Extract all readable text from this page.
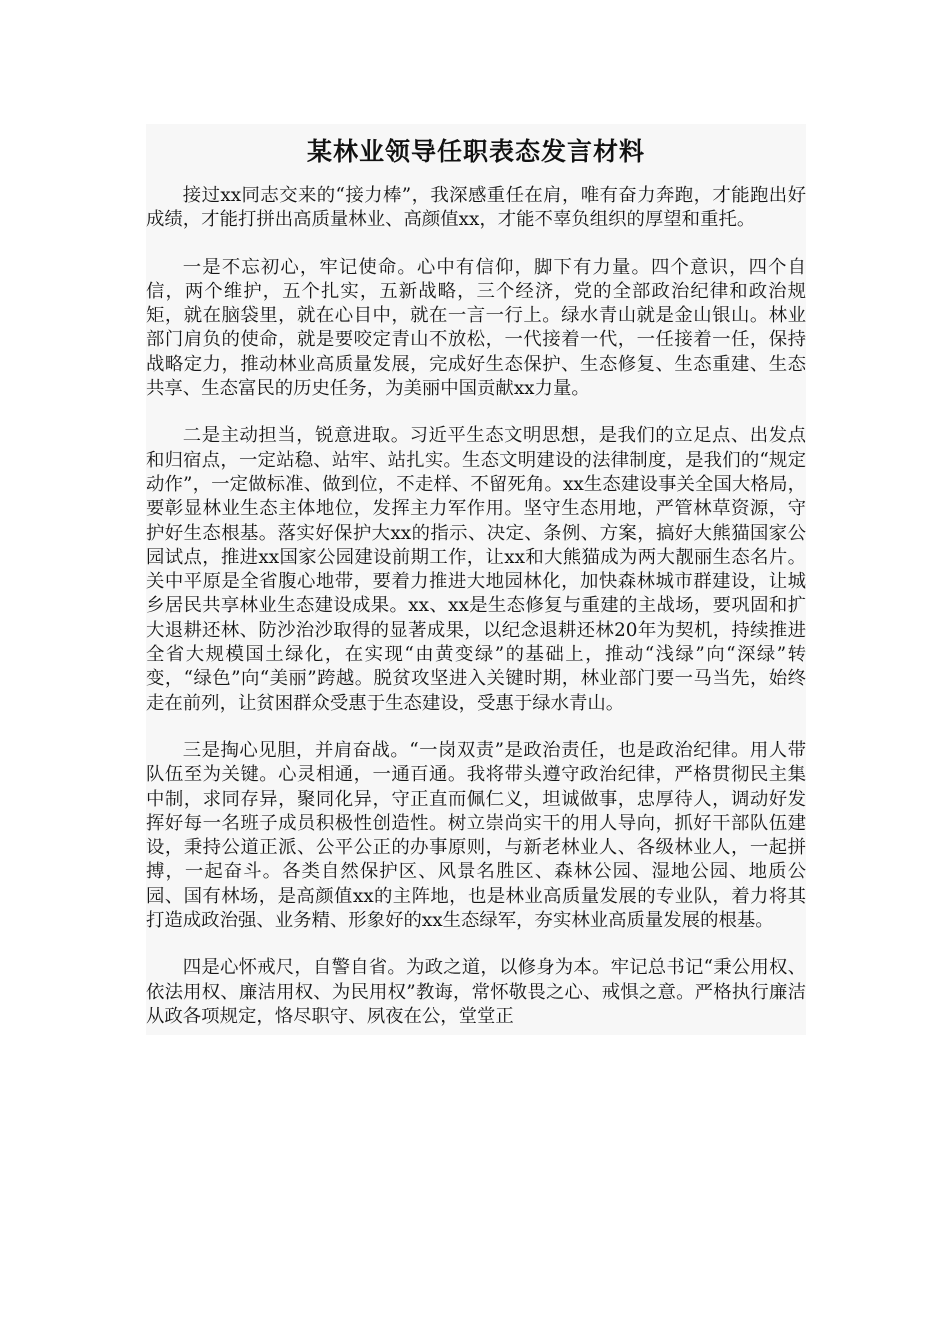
某林业领导任职表态发言材料

接过xx同志交来的“接力棒”，我深感重任在肩，唯有奋力奔跑，才能跑出好成绩，才能打拼出高质量林业、高颜值xx，才能不辜负组织的厚望和重托。

一是不忘初心，牢记使命。心中有信仰，脚下有力量。四个意识，四个自信，两个维护，五个扎实，五新战略，三个经济，党的全部政治纪律和政治规矩，就在脑袋里，就在心目中，就在一言一行上。绿水青山就是金山银山。林业部门肩负的使命，就是要咬定青山不放松，一代接着一代，一任接着一任，保持战略定力，推动林业高质量发展，完成好生态保护、生态修复、生态重建、生态共享、生态富民的历史任务，为美丽中国贡献xx力量。

二是主动担当，锐意进取。习近平生态文明思想，是我们的立足点、出发点和归宿点，一定站稳、站牢、站扎实。生态文明建设的法律制度，是我们的“规定动作”，一定做标准、做到位，不走样、不留死角。xx生态建设事关全国大格局，要彰显林业生态主体地位，发挥主力军作用。坚守生态用地，严管林草资源，守护好生态根基。落实好保护大xx的指示、决定、条例、方案，搞好大熊猫国家公园试点，推进xx国家公园建设前期工作，让xx和大熊猫成为两大靓丽生态名片。关中平原是全省腹心地带，要着力推进大地园林化，加快森林城市群建设，让城乡居民共享林业生态建设成果。xx、xx是生态修复与重建的主战场，要巩固和扩大退耕还林、防沙治沙取得的显著成果，以纪念退耕还林20年为契机，持续推进全省大规模国土绿化，在实现“由黄变绿”的基础上，推动“浅绿”向“深绿”转变，“绿色”向“美丽”跨越。脱贫攻坚进入关键时期，林业部门要一马当先，始终走在前列，让贫困群众受惠于生态建设，受惠于绿水青山。

三是掏心见胆，并肩奋战。“一岗双责”是政治责任，也是政治纪律。用人带队伍至为关键。心灵相通，一通百通。我将带头遵守政治纪律，严格贯彻民主集中制，求同存异，聚同化异，守正直而佩仁义，坦诚做事，忠厚待人，调动好发挥好每一名班子成员积极性创造性。树立崇尚实干的用人导向，抓好干部队伍建设，秉持公道正派、公平公正的办事原则，与新老林业人、各级林业人，一起拼搏，一起奋斗。各类自然保护区、风景名胜区、森林公园、湿地公园、地质公园、国有林场，是高颜值xx的主阵地，也是林业高质量发展的专业队，着力将其打造成政治强、业务精、形象好的xx生态绿军，夯实林业高质量发展的根基。

四是心怀戒尺，自警自省。为政之道，以修身为本。牢记总书记“秉公用权、依法用权、廉洁用权、为民用权”教诲，常怀敬畏之心、戒惧之意。严格执行廉洁从政各项规定，恪尽职守、夙夜在公，堂堂正
